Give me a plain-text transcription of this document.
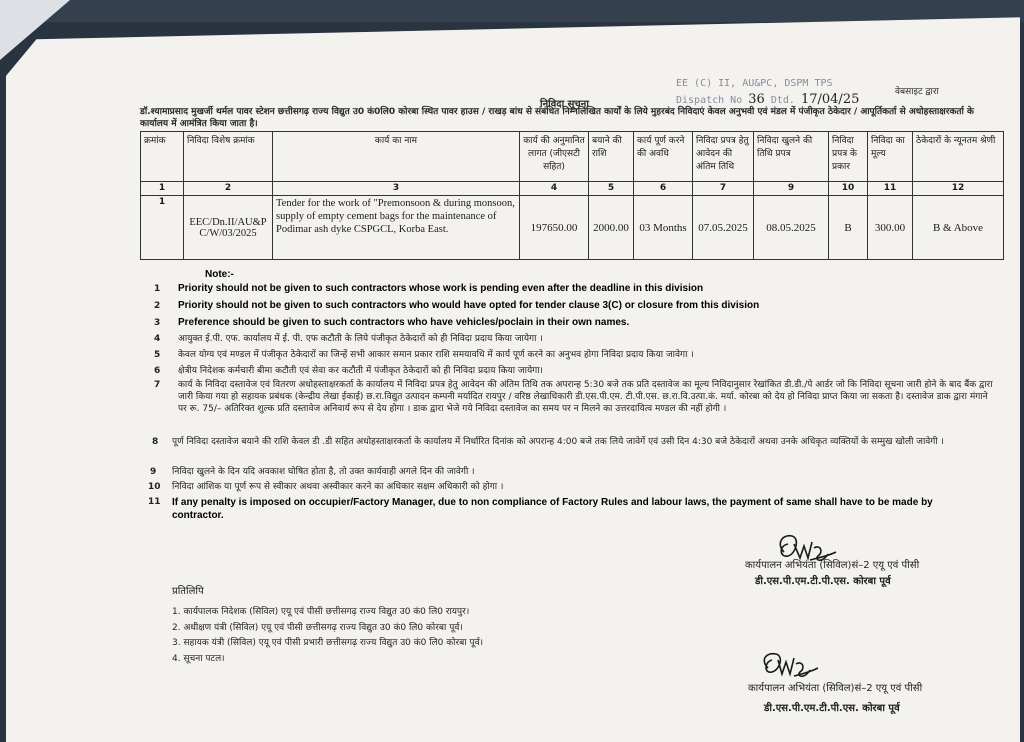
निविदा सूचना
EE (C) II, AU&PC, DSPM TPS
Dispatch No 36 Dtd. 17/04/25	वेबसाइट द्वारा
डॉ.श्यामाप्रसाद मुखर्जी थर्मल पावर स्टेशन छत्तीसगढ़ राज्य विद्युत उ0 कं0लि0 कोरबा स्थित पावर हाउस / राखड़ बांध से संबंधित निम्नलिखित कार्यों के लिये मुहरबंद निविदाएं केवल अनुभवी एवं मंडल में पंजीकृत ठेकेदार / आपूर्तिकर्ता से अधोहस्ताक्षरकर्ता के कार्यालय में आमंत्रित किया जाता है।
क्रमांक	निविदा विशेष क्रमांक	कार्य का नाम	कार्य की अनुमानित लागत (जीएसटी सहित)	बयाने की राशि	कार्य पूर्ण करने की अवधि	निविदा प्रपत्र हेतु आवेदन की अंतिम तिथि	निविदा खुलने की तिथि प्रपत्र	निविदा प्रपत्र के प्रकार	निविदा का मूल्य	ठेकेदारों के न्यूनतम श्रेणी
1	2	3	4	5	6	7	9	10	11	12
1	EEC/Dn.II/AU&P C/W/03/2025	Tender for the work of "Premonsoon & during monsoon, supply of empty cement bags for the maintenance of Podimar ash dyke CSPGCL, Korba East.	197650.00	2000.00	03 Months	07.05.2025	08.05.2025	B	300.00	B & Above
Note:-
1 Priority should not be given to such contractors whose work is pending even after the deadline in this division
2 Priority should not be given to such contractors who would have opted for tender clause 3(C) or closure from this division
3 Preference should be given to such contractors who have vehicles/poclain in their own names.
4 आयुक्त ई.पी. एफ. कार्यालय में ई. पी. एफ कटौती के लिये पंजीकृत ठेकेदारों को ही निविदा प्रदाय किया जायेगा ।
5 केवल योग्य एवं मण्डल में पंजीकृत ठेकेदारों का जिन्हें सभी आकार समान प्रकार राशि समयावधि में कार्य पूर्ण करने का अनुभव होगा निविदा प्रदाय किया जावेगा ।
6 क्षेत्रीय निदेशक कर्मचारी बीमा कटौती एवं सेवा कर कटौती में पंजीकृत ठेकेदारों को ही निविदा प्रदाय किया जायेगा।
7 कार्य के निविदा दस्तावेज एवं वितरण अधोहस्ताक्षरकर्ता के कार्यालय में निविदा प्रपत्र हेतु आवेदन की अंतिम तिथि तक अपरान्ह 5:30 बजे तक प्रति दस्तावेज का मूल्य निविदानुसार रेखांकित डी.डी./पे आर्डर जो कि निविदा सूचना जारी होने के बाद बैंक द्वारा जारी किया गया हो सहायक प्रबंधक (केन्द्रीय लेखा ईकाई) छ.रा.विद्युत उत्पादन कम्पनी मर्यादित रायपुर / वरिष्ठ लेखाधिकारी डी.एस.पी.एम. टी.पी.एस. छ.रा.वि.उत्पा.कं. मर्या. कोरबा को देय हो निविदा प्राप्त किया जा सकता है। दस्तावेज डाक द्वारा मंगाने पर रू. 75/– अतिरिक्त शुल्क प्रति दस्तावेज अनिवार्य रूप से देय होगा । डाक द्वारा भेजे गये निविदा दस्तावेज का समय पर न मिलने का उत्तरदायित्व मण्डल की नहीं होगी ।
8 पूर्ण निविदा दस्तावेज बयाने की राशि केवल डी .डी सहित अधोहस्ताक्षरकर्ता के कार्यालय में निर्धारित दिनांक को अपरान्ह 4:00 बजे तक लिये जावेगें एवं उसी दिन 4:30 बजे ठेकेदारों अथवा उनके अधिकृत व्यक्तियों के सम्मुख खोली जावेगी ।
9 निविदा खुलने के दिन यदि अवकाश घोषित होता है, तो उक्त कार्यवाही अगले दिन की जावेगी ।
10 निविदा आंशिक या पूर्ण रूप से स्वीकार अथवा अस्वीकार करने का अधिकार सक्षम अधिकारी को होगा ।
11 If any penalty is imposed on occupier/Factory Manager, due to non compliance of Factory Rules and labour laws, the payment of same shall have to be made by contractor.
कार्यपालन अभियंता (सिविल)सं–2 एयू एवं पीसी
डी.एस.पी.एम.टी.पी.एस. कोरबा पूर्व
प्रतिलिपि
1. कार्यपालक निदेशक (सिविल) एयू एवं पीसी छत्तीसगढ़ राज्य विद्युत उ0 कं0 लि0 रायपुर।
2. अधीक्षण यंत्री (सिविल) एयू एवं पीसी छत्तीसगढ़ राज्य विद्युत उ0 कं0 लि0 कोरबा पूर्व।
3. सहायक यंत्री (सिविल) एयू एवं पीसी प्रभारी छत्तीसगढ़ राज्य विद्युत उ0 कं0 लि0 कोरबा पूर्व।
4. सूचना पटल।
कार्यपालन अभियंता (सिविल)सं–2 एयू एवं पीसी
डी.एस.पी.एम.टी.पी.एस. कोरबा पूर्व
